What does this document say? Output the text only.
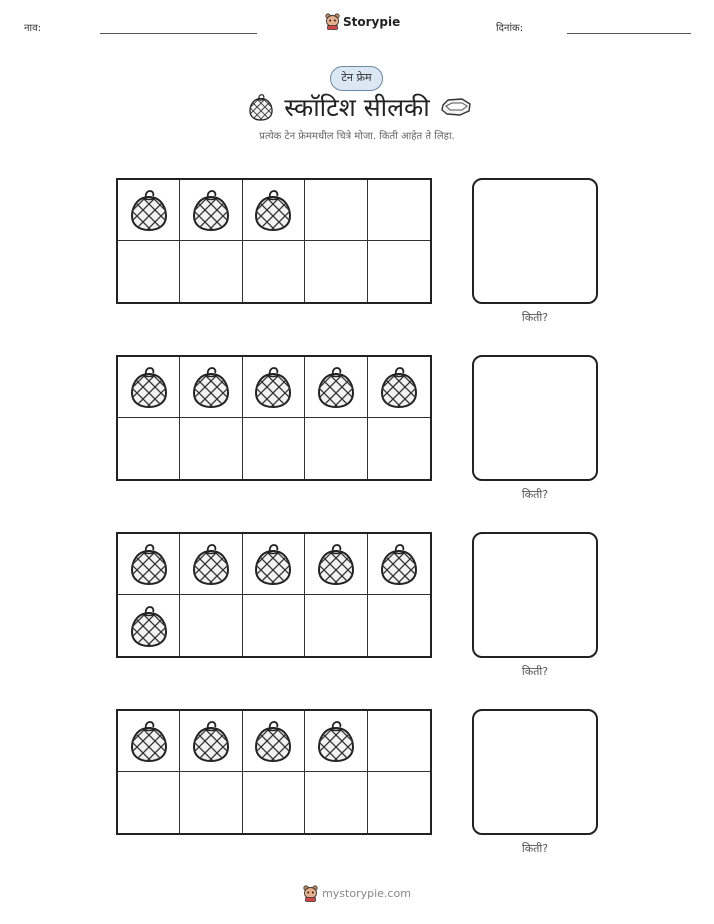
नाव:	Storypie	दिनांक:
टेन फ्रेम
स्कॉटिश सीलकी
प्रत्येक टेन फ्रेममधील चित्रे मोजा. किती आहेत ते लिहा.
किती?
किती?
किती?
किती?
mystorypie.com
